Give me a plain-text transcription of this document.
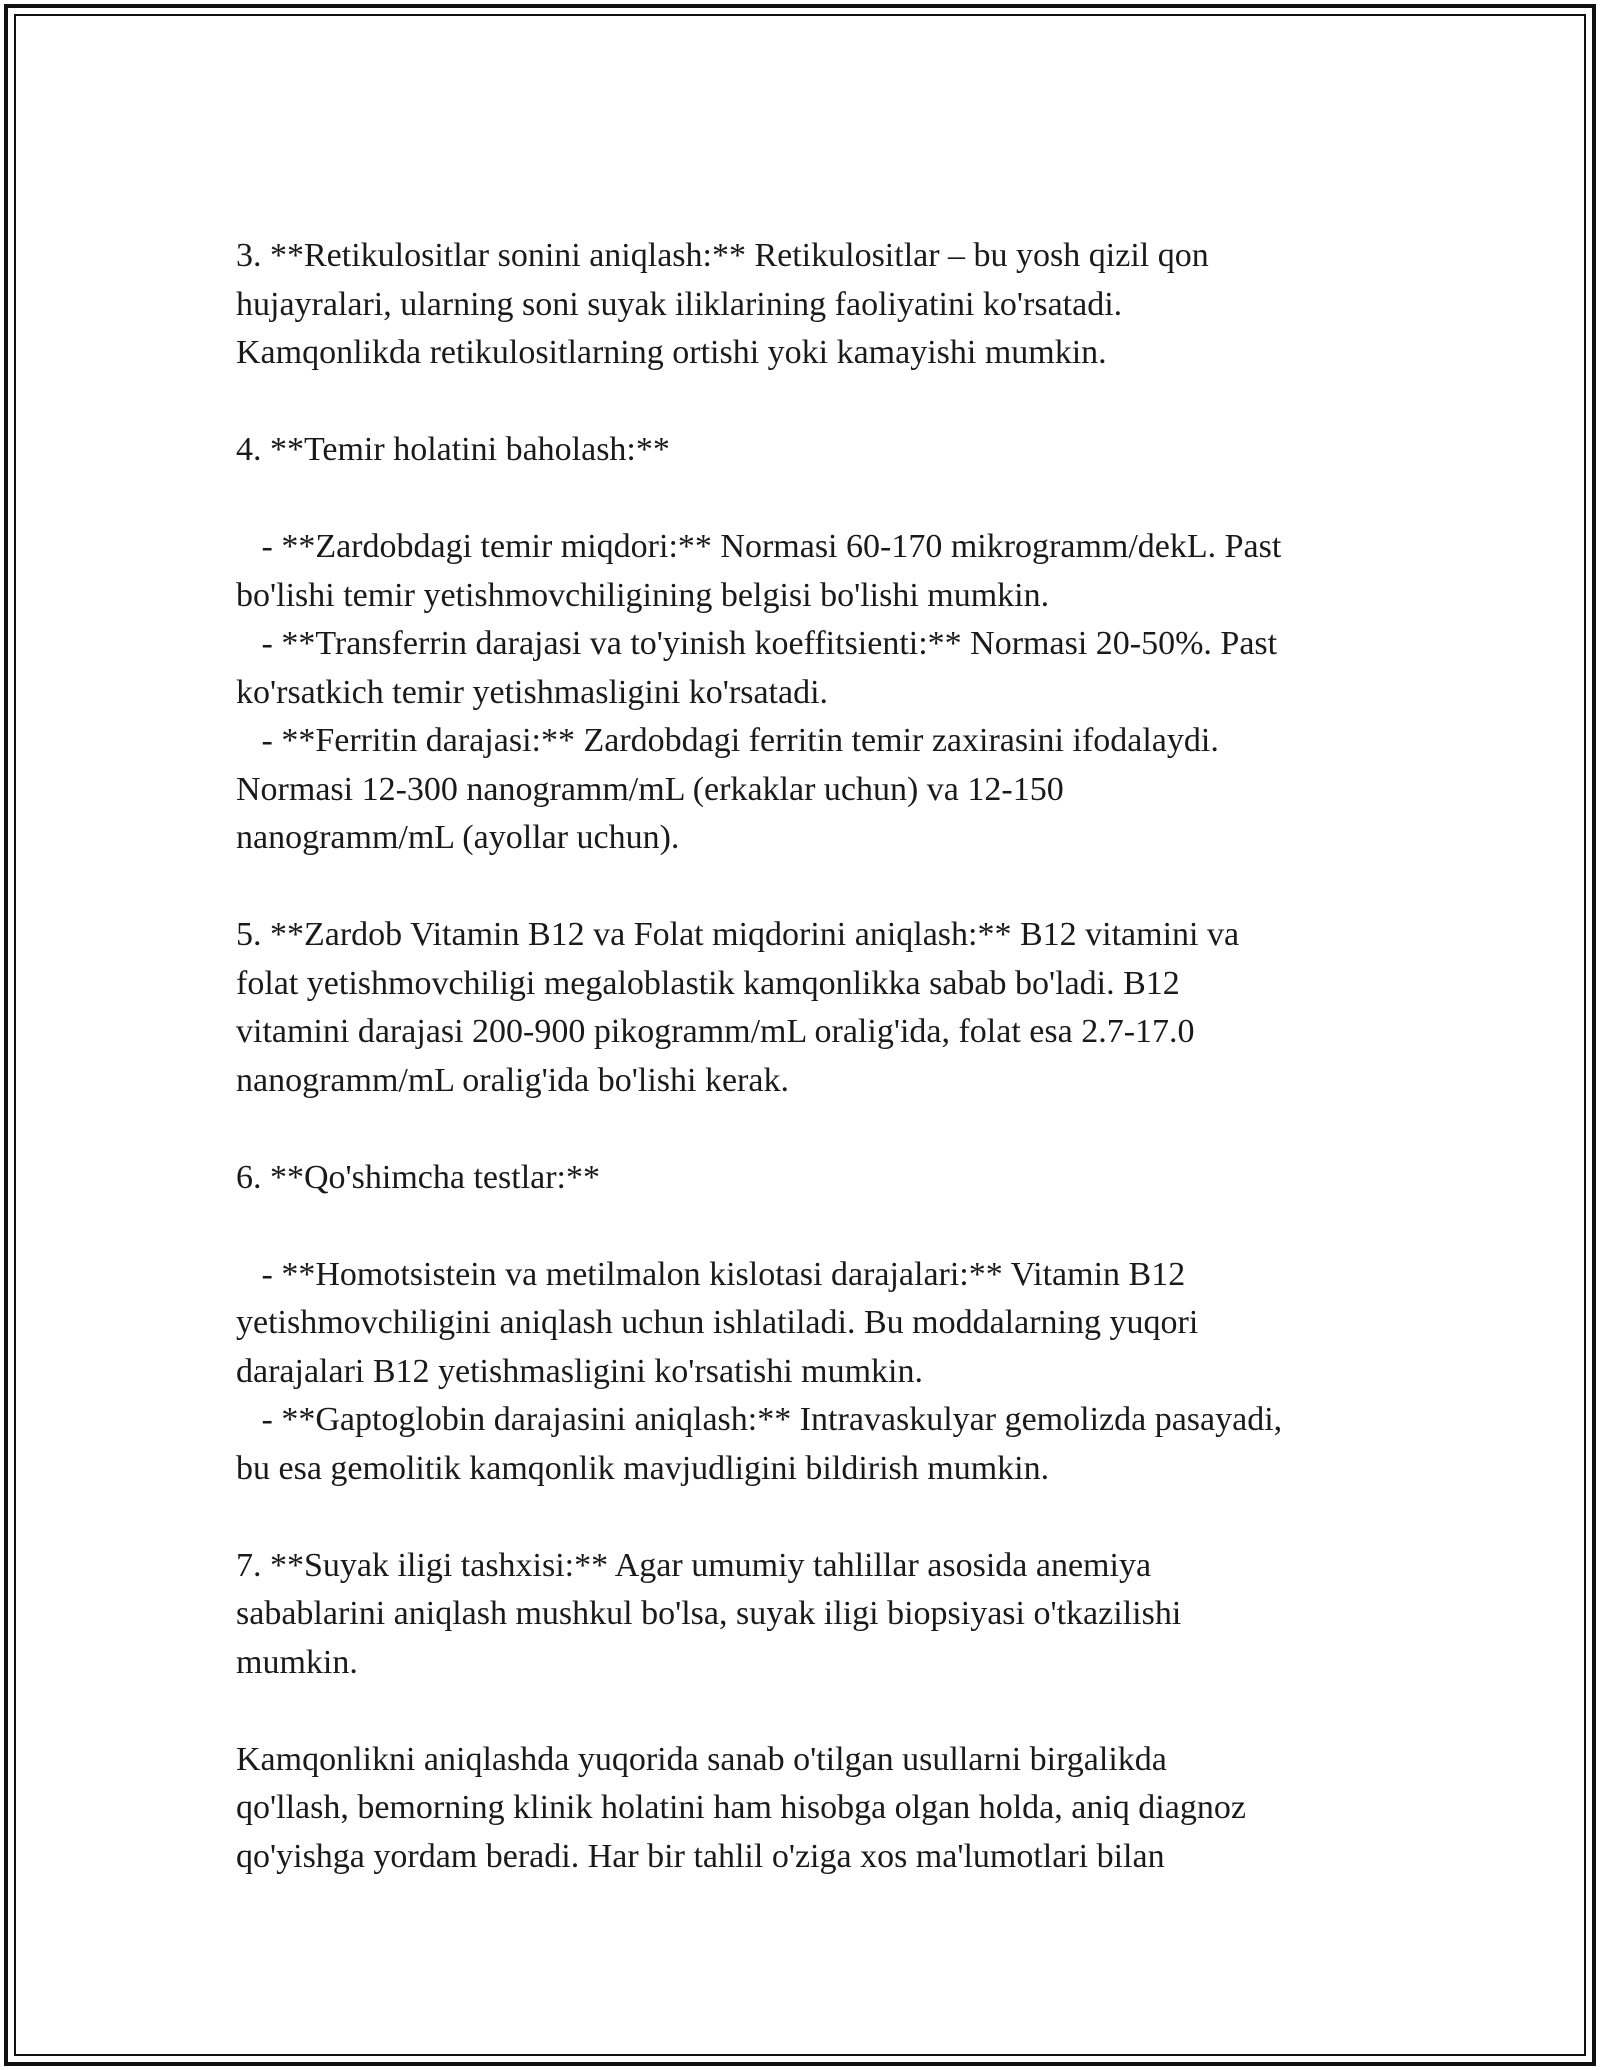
3. **Retikulositlar sonini aniqlash:** Retikulositlar – bu yosh qizil qon
hujayralari, ularning soni suyak iliklarining faoliyatini ko'rsatadi.
Kamqonlikda retikulositlarning ortishi yoki kamayishi mumkin.
4. **Temir holatini baholash:**
- **Zardobdagi temir miqdori:** Normasi 60-170 mikrogramm/dekL. Past
bo'lishi temir yetishmovchiligining belgisi bo'lishi mumkin.
- **Transferrin darajasi va to'yinish koeffitsienti:** Normasi 20-50%. Past
ko'rsatkich temir yetishmasligini ko'rsatadi.
- **Ferritin darajasi:** Zardobdagi ferritin temir zaxirasini ifodalaydi.
Normasi 12-300 nanogramm/mL (erkaklar uchun) va 12-150
nanogramm/mL (ayollar uchun).
5. **Zardob Vitamin B12 va Folat miqdorini aniqlash:** B12 vitamini va
folat yetishmovchiligi megaloblastik kamqonlikka sabab bo'ladi. B12
vitamini darajasi 200-900 pikogramm/mL oralig'ida, folat esa 2.7-17.0
nanogramm/mL oralig'ida bo'lishi kerak.
6. **Qo'shimcha testlar:**
- **Homotsistein va metilmalon kislotasi darajalari:** Vitamin B12
yetishmovchiligini aniqlash uchun ishlatiladi. Bu moddalarning yuqori
darajalari B12 yetishmasligini ko'rsatishi mumkin.
- **Gaptoglobin darajasini aniqlash:** Intravaskulyar gemolizda pasayadi,
bu esa gemolitik kamqonlik mavjudligini bildirish mumkin.
7. **Suyak iligi tashxisi:** Agar umumiy tahlillar asosida anemiya
sabablarini aniqlash mushkul bo'lsa, suyak iligi biopsiyasi o'tkazilishi
mumkin.
Kamqonlikni aniqlashda yuqorida sanab o'tilgan usullarni birgalikda
qo'llash, bemorning klinik holatini ham hisobga olgan holda, aniq diagnoz
qo'yishga yordam beradi. Har bir tahlil o'ziga xos ma'lumotlari bilan
